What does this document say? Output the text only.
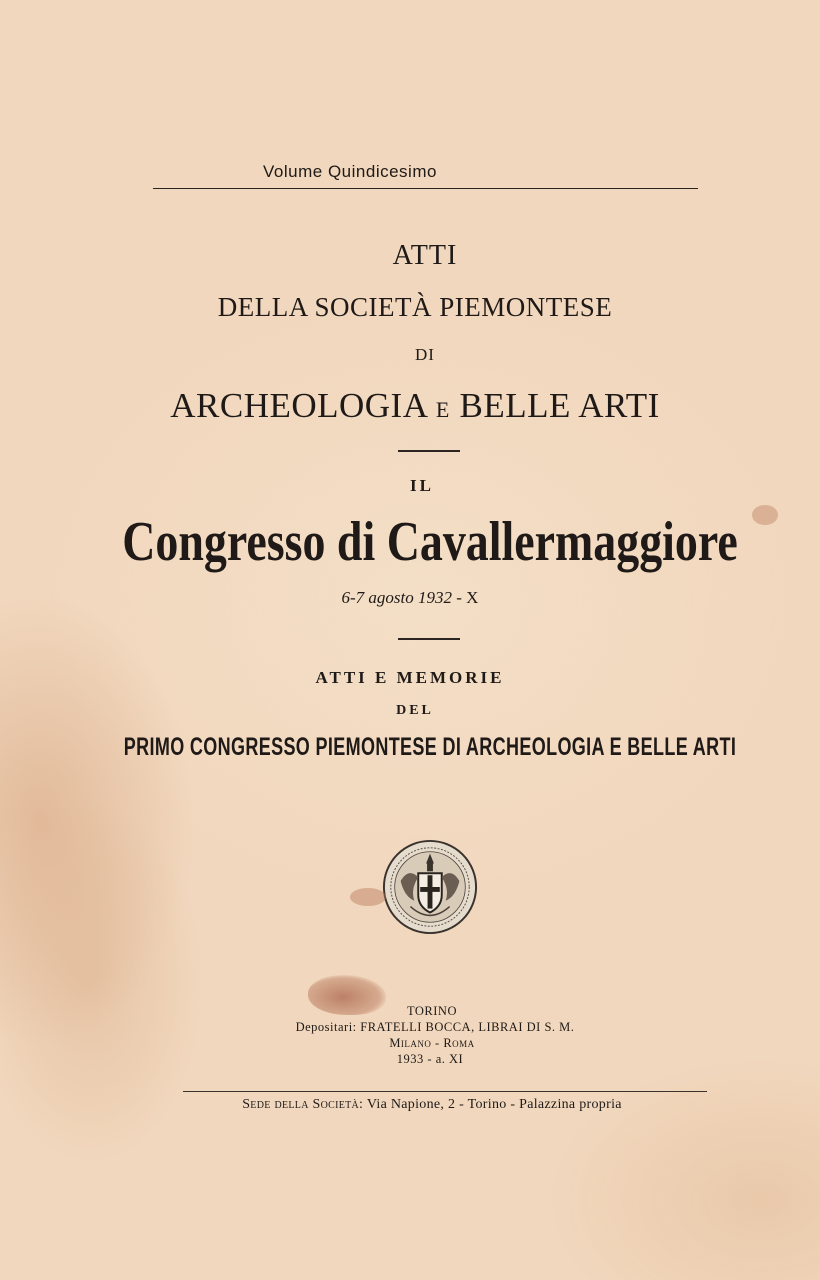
Volume Quindicesimo
ATTI
DELLA SOCIETÀ PIEMONTESE
DI
ARCHEOLOGIA E BELLE ARTI
IL
Congresso di Cavallermaggiore
6-7 agosto 1932 - X
ATTI E MEMORIE
DEL
PRIMO CONGRESSO PIEMONTESE DI ARCHEOLOGIA E BELLE ARTI
TORINO
Depositari: FRATELLI BOCCA, LIBRAI DI S. M.
Milano - Roma
1933 - a. XI
Sede della Società: Via Napione, 2 - Torino - Palazzina propria
